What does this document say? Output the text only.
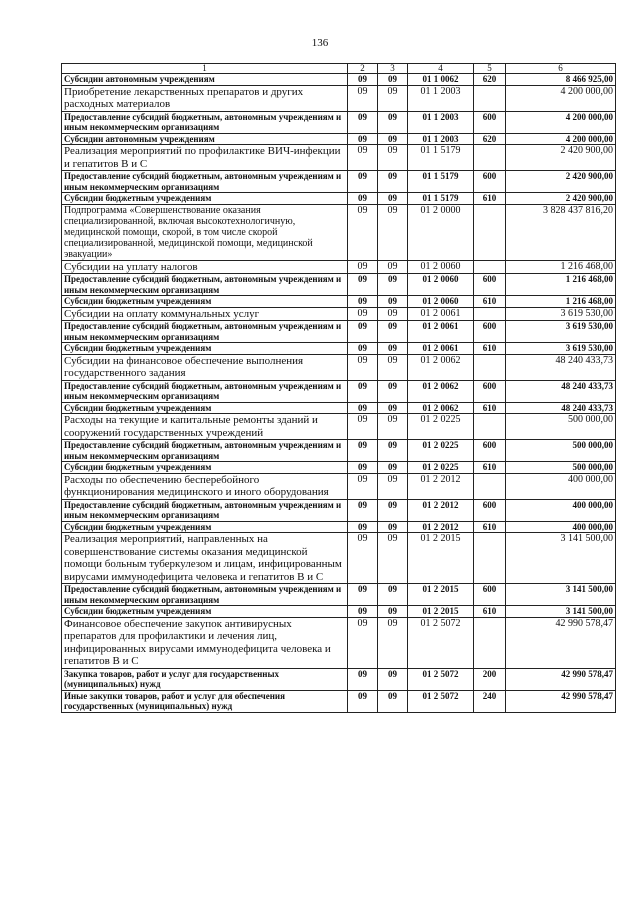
136
1	2	3	4	5	6
Субсидии автономным учреждениям	09	09	01 1 0062	620	8 466 925,00
Приобретение лекарственных препаратов и других расходных материалов	09	09	01 1 2003		4 200 000,00
Предоставление субсидий бюджетным, автономным учреждениям и иным некоммерческим организациям	09	09	01 1 2003	600	4 200 000,00
Субсидии автономным учреждениям	09	09	01 1 2003	620	4 200 000,00
Реализация мероприятий по профилактике ВИЧ-инфекции и гепатитов В и С	09	09	01 1 5179		2 420 900,00
Предоставление субсидий бюджетным, автономным учреждениям и иным некоммерческим организациям	09	09	01 1 5179	600	2 420 900,00
Субсидии бюджетным учреждениям	09	09	01 1 5179	610	2 420 900,00
Подпрограмма «Совершенствование оказания специализированной, включая высокотехнологичную, медицинской помощи, скорой, в том числе скорой специализированной, медицинской помощи, медицинской эвакуации»	09	09	01 2 0000		3 828 437 816,20
Субсидии на уплату налогов	09	09	01 2 0060		1 216 468,00
Предоставление субсидий бюджетным, автономным учреждениям и иным некоммерческим организациям	09	09	01 2 0060	600	1 216 468,00
Субсидии бюджетным учреждениям	09	09	01 2 0060	610	1 216 468,00
Субсидии на оплату коммунальных услуг	09	09	01 2 0061		3 619 530,00
Предоставление субсидий бюджетным, автономным учреждениям и иным некоммерческим организациям	09	09	01 2 0061	600	3 619 530,00
Субсидии бюджетным учреждениям	09	09	01 2 0061	610	3 619 530,00
Субсидии на финансовое обеспечение выполнения государственного задания	09	09	01 2 0062		48 240 433,73
Предоставление субсидий бюджетным, автономным учреждениям и иным некоммерческим организациям	09	09	01 2 0062	600	48 240 433,73
Субсидии бюджетным учреждениям	09	09	01 2 0062	610	48 240 433,73
Расходы на текущие и капитальные ремонты зданий и сооружений государственных учреждений	09	09	01 2 0225		500 000,00
Предоставление субсидий бюджетным, автономным учреждениям и иным некоммерческим организациям	09	09	01 2 0225	600	500 000,00
Субсидии бюджетным учреждениям	09	09	01 2 0225	610	500 000,00
Расходы по обеспечению бесперебойного функционирования медицинского и иного оборудования	09	09	01 2 2012		400 000,00
Предоставление субсидий бюджетным, автономным учреждениям и иным некоммерческим организациям	09	09	01 2 2012	600	400 000,00
Субсидии бюджетным учреждениям	09	09	01 2 2012	610	400 000,00
Реализация мероприятий, направленных на совершенствование системы оказания медицинской помощи больным туберкулезом и лицам, инфицированным вирусами иммунодефицита человека и гепатитов В и С	09	09	01 2 2015		3 141 500,00
Предоставление субсидий бюджетным, автономным учреждениям и иным некоммерческим организациям	09	09	01 2 2015	600	3 141 500,00
Субсидии бюджетным учреждениям	09	09	01 2 2015	610	3 141 500,00
Финансовое обеспечение закупок антивирусных препаратов для профилактики и лечения лиц, инфицированных вирусами иммунодефицита человека и гепатитов В и С	09	09	01 2 5072		42 990 578,47
Закупка товаров, работ и услуг для государственных (муниципальных) нужд	09	09	01 2 5072	200	42 990 578,47
Иные закупки товаров, работ и услуг для обеспечения государственных (муниципальных) нужд	09	09	01 2 5072	240	42 990 578,47
